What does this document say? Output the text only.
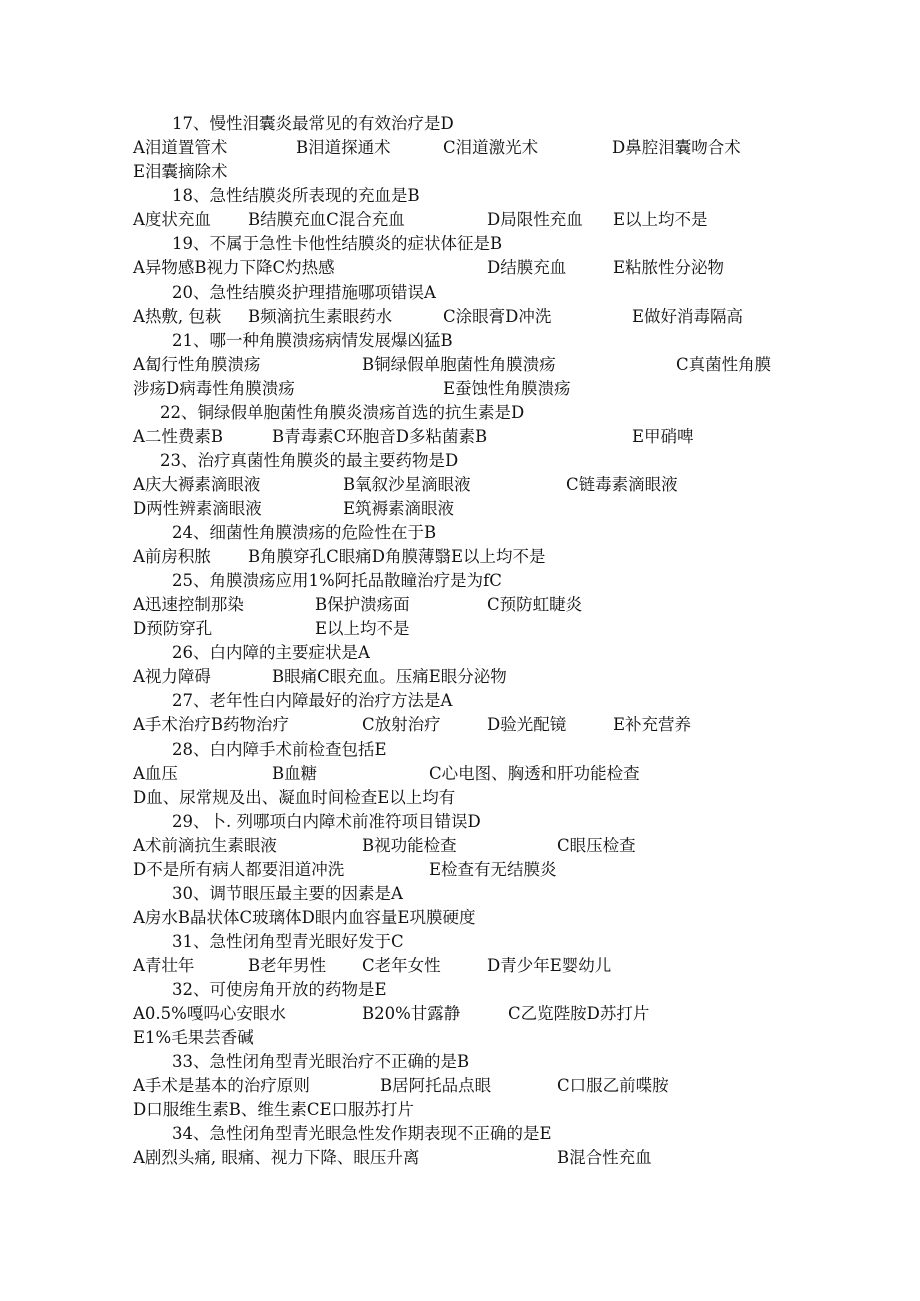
17、慢性泪囊炎最常见的有效治疗是D
A泪道置管术	B泪道探通术	C泪道激光术	D鼻腔泪囊吻合术
E泪囊摘除术
18、急性结膜炎所表现的充血是B
A度状充血 B结膜充血C混合充血	D局限性充血 E以上均不是
19、不属于急性卡他性结膜炎的症状体征是B
A异物感B视力下降C灼热感	D结膜充血	E粘脓性分泌物
20、急性结膜炎护理措施哪项错误A
A热敷, 包萩 B频滴抗生素眼药水	C涂眼膏D冲洗	E做好消毒隔高
21、哪一种角膜溃疡病情发展爆凶猛B
A匐行性角膜溃疡	B铜绿假单胞菌性角膜溃疡	C真菌性角膜
涉疡D病毒性角膜溃疡	E蚕蚀性角膜溃疡
22、铜绿假单胞菌性角膜炎溃疡首选的抗生素是D
A二性费素B	B青毒素C环胞音D多粘菌素B	E甲硝啤
23、治疗真菌性角膜炎的最主要药物是D
A庆大褥素滴眼液	B氧叙沙星滴眼液	C链毒素滴眼液
D两性辨素滴眼液	E筑褥素滴眼液
24、细菌性角膜溃疡的危险性在于B
A前房积脓 B角膜穿孔C眼痛D角膜薄翳E以上均不是
25、角膜溃疡应用1%阿托品散瞳治疗是为fC
A迅速控制那染	B保护溃疡面	C预防虹睫炎
D预防穿孔	E以上均不是
26、白内障的主要症状是A
A视力障碍	B眼痛C眼充血。压痛E眼分泌物
27、老年性白内障最好的治疗方法是A
A手术治疗B药物治疗	C放射治疗	D验光配镜	E补充营养
28、白内障手术前检查包括E
A血压	B血糖	C心电图、胸透和肝功能检查
D血、尿常规及出、凝血时间检查E以上均有
29、卜. 列哪项白内障术前准符项目错误D
A术前滴抗生素眼液	B视功能检查	C眼压检查
D不是所有病人都要泪道冲洗	E检查有无结膜炎
30、调节眼压最主要的因素是A
A房水B晶状体C玻璃体D眼内血容量E巩膜硬度
31、急性闭角型青光眼好发于C
A青壮年	B老年男性 C老年女性	D青少年E婴幼儿
32、可使房角开放的药物是E
A0.5%嘎吗心安眼水	B20%甘露静	C乙览陛胺D苏打片
E1%毛果芸香碱
33、急性闭角型青光眼治疗不正确的是B
A手术是基本的治疗原则	B居阿托品点眼	C口服乙前喋胺
D口服维生素B、维生素CE口服苏打片
34、急性闭角型青光眼急性发作期表现不正确的是E
A剧烈头痛, 眼痛、视力下降、眼压升离	B混合性充血
